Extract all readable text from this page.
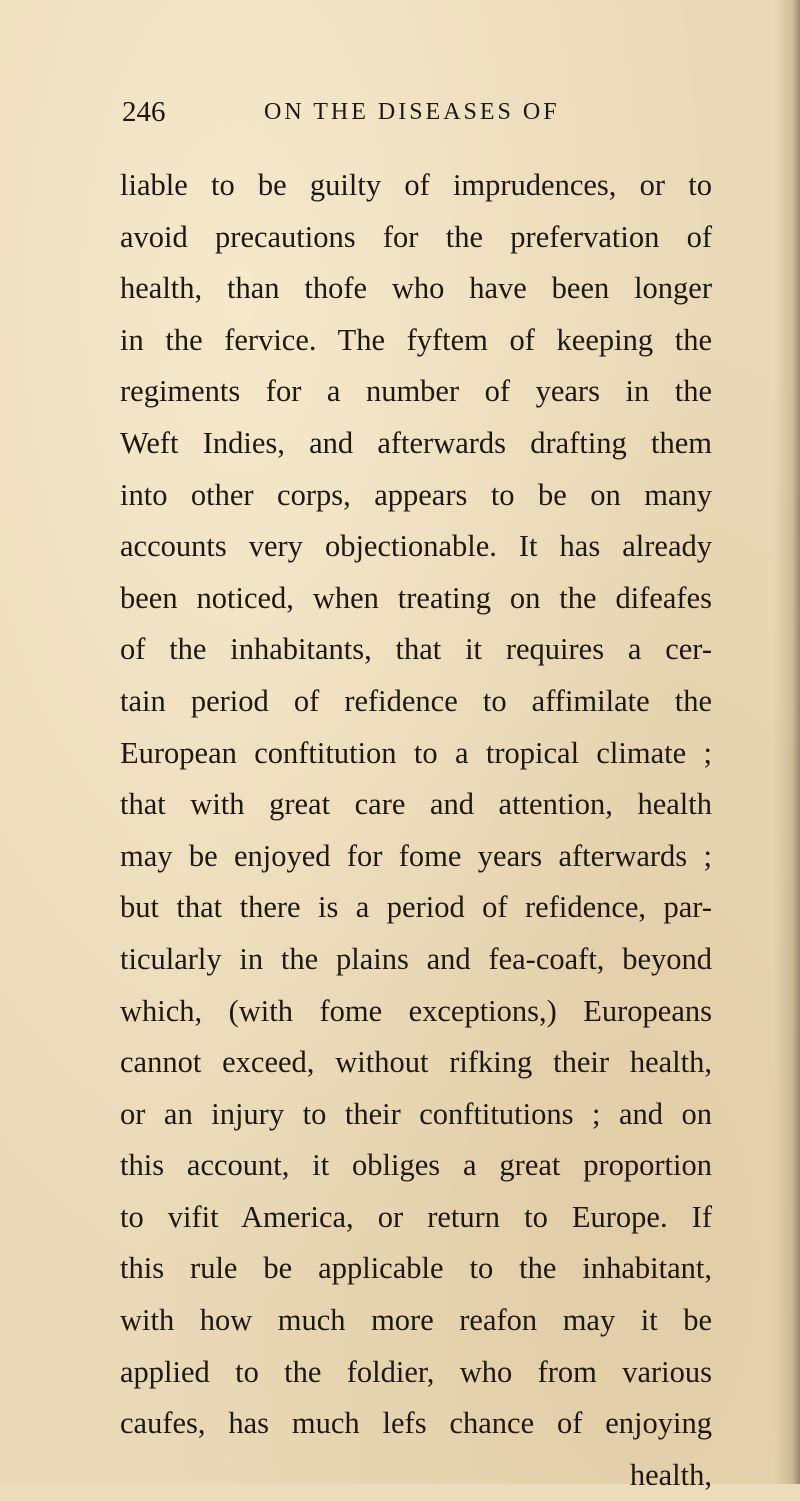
246	ON THE DISEASES OF
liable to be guilty of imprudences, or to
avoid precautions for the prefervation of
health, than thofe who have been longer
in the fervice. The fyftem of keeping the
regiments for a number of years in the
Weft Indies, and afterwards drafting them
into other corps, appears to be on many
accounts very objectionable. It has already
been noticed, when treating on the difeafes
of the inhabitants, that it requires a cer-
tain period of refidence to affimilate the
European conftitution to a tropical climate ;
that with great care and attention, health
may be enjoyed for fome years afterwards ;
but that there is a period of refidence, par-
ticularly in the plains and fea-coaft, beyond
which, (with fome exceptions,) Europeans
cannot exceed, without rifking their health,
or an injury to their conftitutions ; and on
this account, it obliges a great proportion
to vifit America, or return to Europe. If
this rule be applicable to the inhabitant,
with how much more reafon may it be
applied to the foldier, who from various
caufes, has much lefs chance of enjoying
health,
